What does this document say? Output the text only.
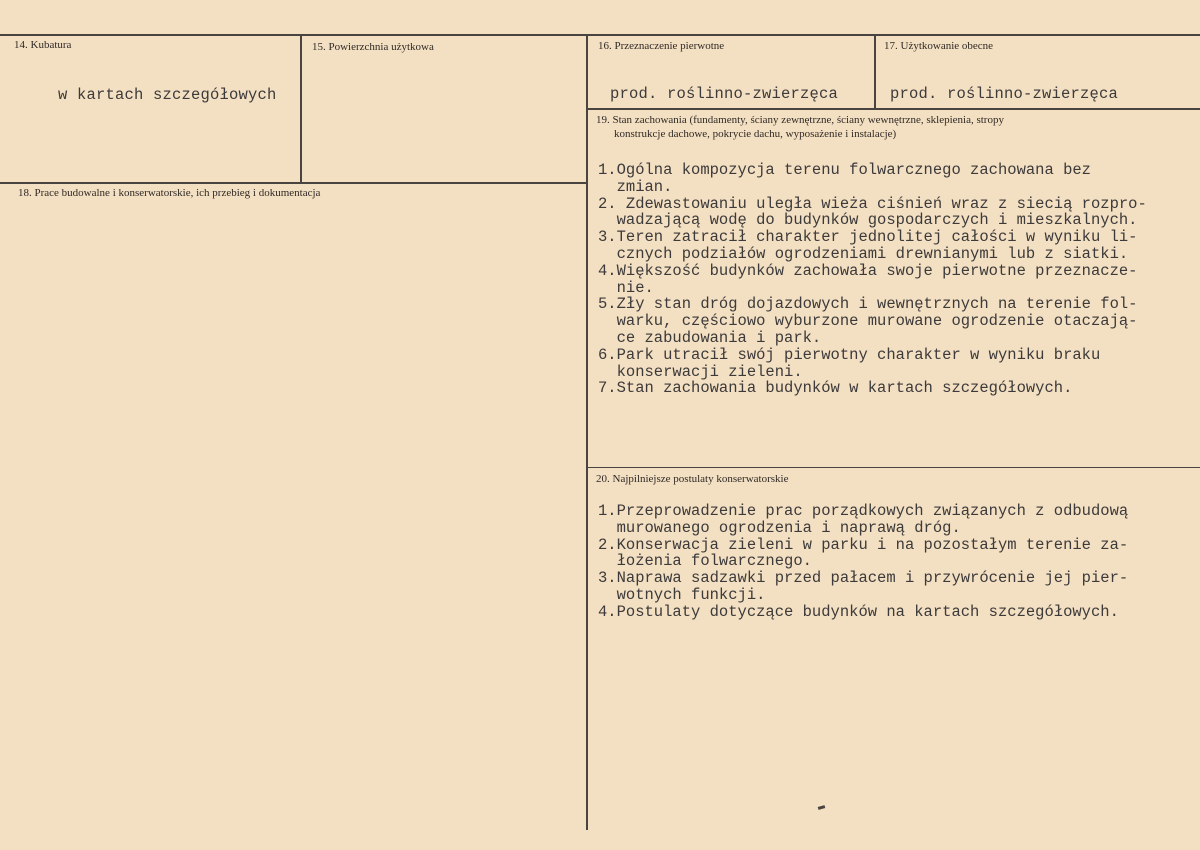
14. Kubatura
w kartach szczegółowych
15. Powierzchnia użytkowa	16. Przeznaczenie pierwotne
prod. roślinno-zwierzęca
17. Użytkowanie obecne
prod. roślinno-zwierzęca
18. Prace budowalne i konserwatorskie, ich przebieg i dokumentacja
19. Stan zachowania (fundamenty, ściany zewnętrzne, ściany wewnętrzne, sklepienia, stropy
konstrukcje dachowe, pokrycie dachu, wyposażenie i instalacje)
1.Ogólna kompozycja terenu folwarcznego zachowana bez
zmian.
2. Zdewastowaniu uległa wieża ciśnień wraz z siecią rozpro-
wadzającą wodę do budynków gospodarczych i mieszkalnych.
3.Teren zatracił charakter jednolitej całości w wyniku li-
cznych podziałów ogrodzeniami drewnianymi lub z siatki.
4.Większość budynków zachowała swoje pierwotne przeznacze-
nie.
5.Zły stan dróg dojazdowych i wewnętrznych na terenie fol-
warku, częściowo wyburzone murowane ogrodzenie otaczają-
ce zabudowania i park.
6.Park utracił swój pierwotny charakter w wyniku braku
konserwacji zieleni.
7.Stan zachowania budynków w kartach szczegółowych.
20. Najpilniejsze postulaty konserwatorskie
1.Przeprowadzenie prac porządkowych związanych z odbudową
murowanego ogrodzenia i naprawą dróg.
2.Konserwacja zieleni w parku i na pozostałym terenie za-
łożenia folwarcznego.
3.Naprawa sadzawki przed pałacem i przywrócenie jej pier-
wotnych funkcji.
4.Postulaty dotyczące budynków na kartach szczegółowych.
